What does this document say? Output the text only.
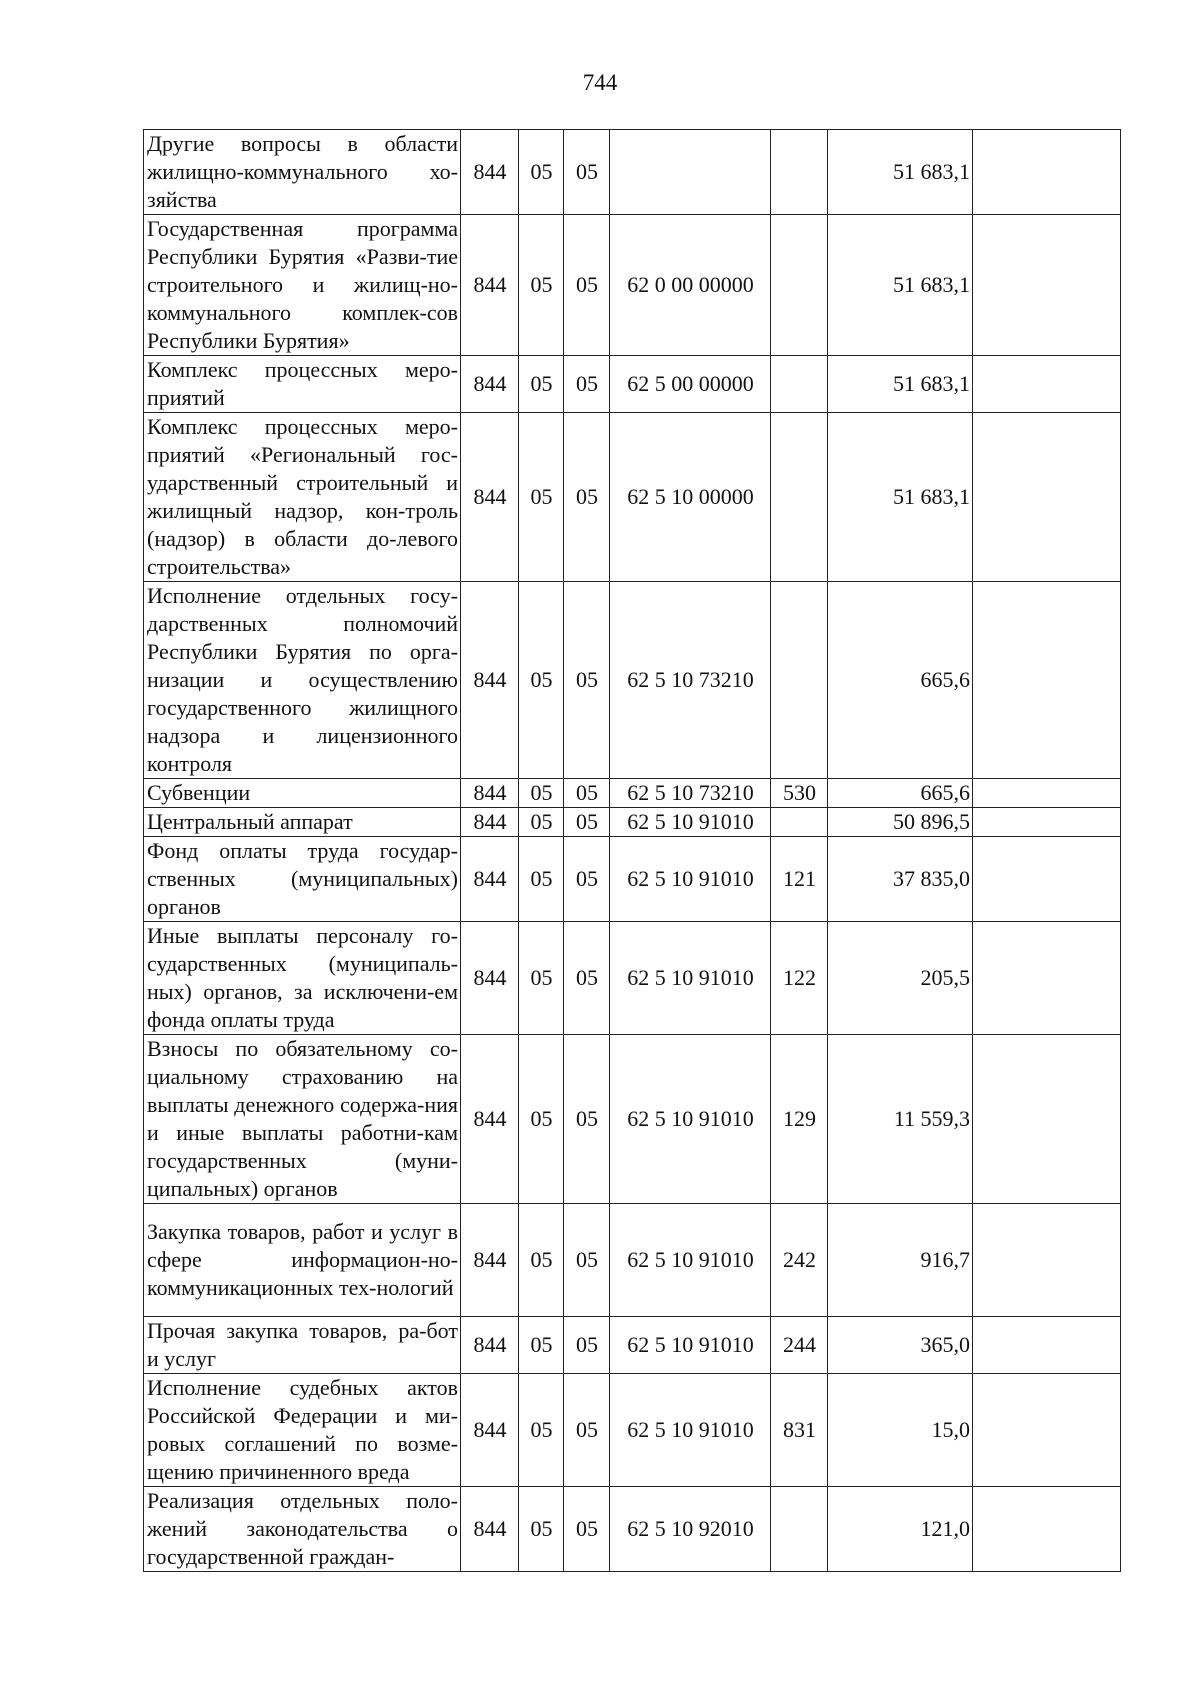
744
Другие вопросы в области жилищно-коммунального хо-зяйства	844	05	05			51 683,1	
Государственная программа Республики Бурятия «Разви-тие строительного и жилищ-но-коммунального комплек-сов Республики Бурятия»	844	05	05	62 0 00 00000		51 683,1	
Комплекс процессных меро-приятий	844	05	05	62 5 00 00000		51 683,1	
Комплекс процессных меро-приятий «Региональный гос-ударственный строительный и жилищный надзор, кон-троль (надзор) в области до-левого строительства»	844	05	05	62 5 10 00000		51 683,1	
Исполнение отдельных госу-дарственных полномочий Республики Бурятия по орга-низации и осуществлению государственного жилищного надзора и лицензионного контроля	844	05	05	62 5 10 73210		665,6	
Субвенции	844	05	05	62 5 10 73210	530	665,6	
Центральный аппарат	844	05	05	62 5 10 91010		50 896,5	
Фонд оплаты труда государ-ственных (муниципальных) органов	844	05	05	62 5 10 91010	121	37 835,0	
Иные выплаты персоналу го-сударственных (муниципаль-ных) органов, за исключени-ем фонда оплаты труда	844	05	05	62 5 10 91010	122	205,5	
Взносы по обязательному со-циальному страхованию на выплаты денежного содержа-ния и иные выплаты работни-кам государственных (муни-ципальных) органов	844	05	05	62 5 10 91010	129	11 559,3	
Закупка товаров, работ и услуг в сфере информацион-но-коммуникационных тех-нологий	844	05	05	62 5 10 91010	242	916,7	
Прочая закупка товаров, ра-бот и услуг	844	05	05	62 5 10 91010	244	365,0	
Исполнение судебных актов Российской Федерации и ми-ровых соглашений по возме-щению причиненного вреда	844	05	05	62 5 10 91010	831	15,0	
Реализация отдельных поло-жений законодательства о государственной граждан-	844	05	05	62 5 10 92010		121,0	
